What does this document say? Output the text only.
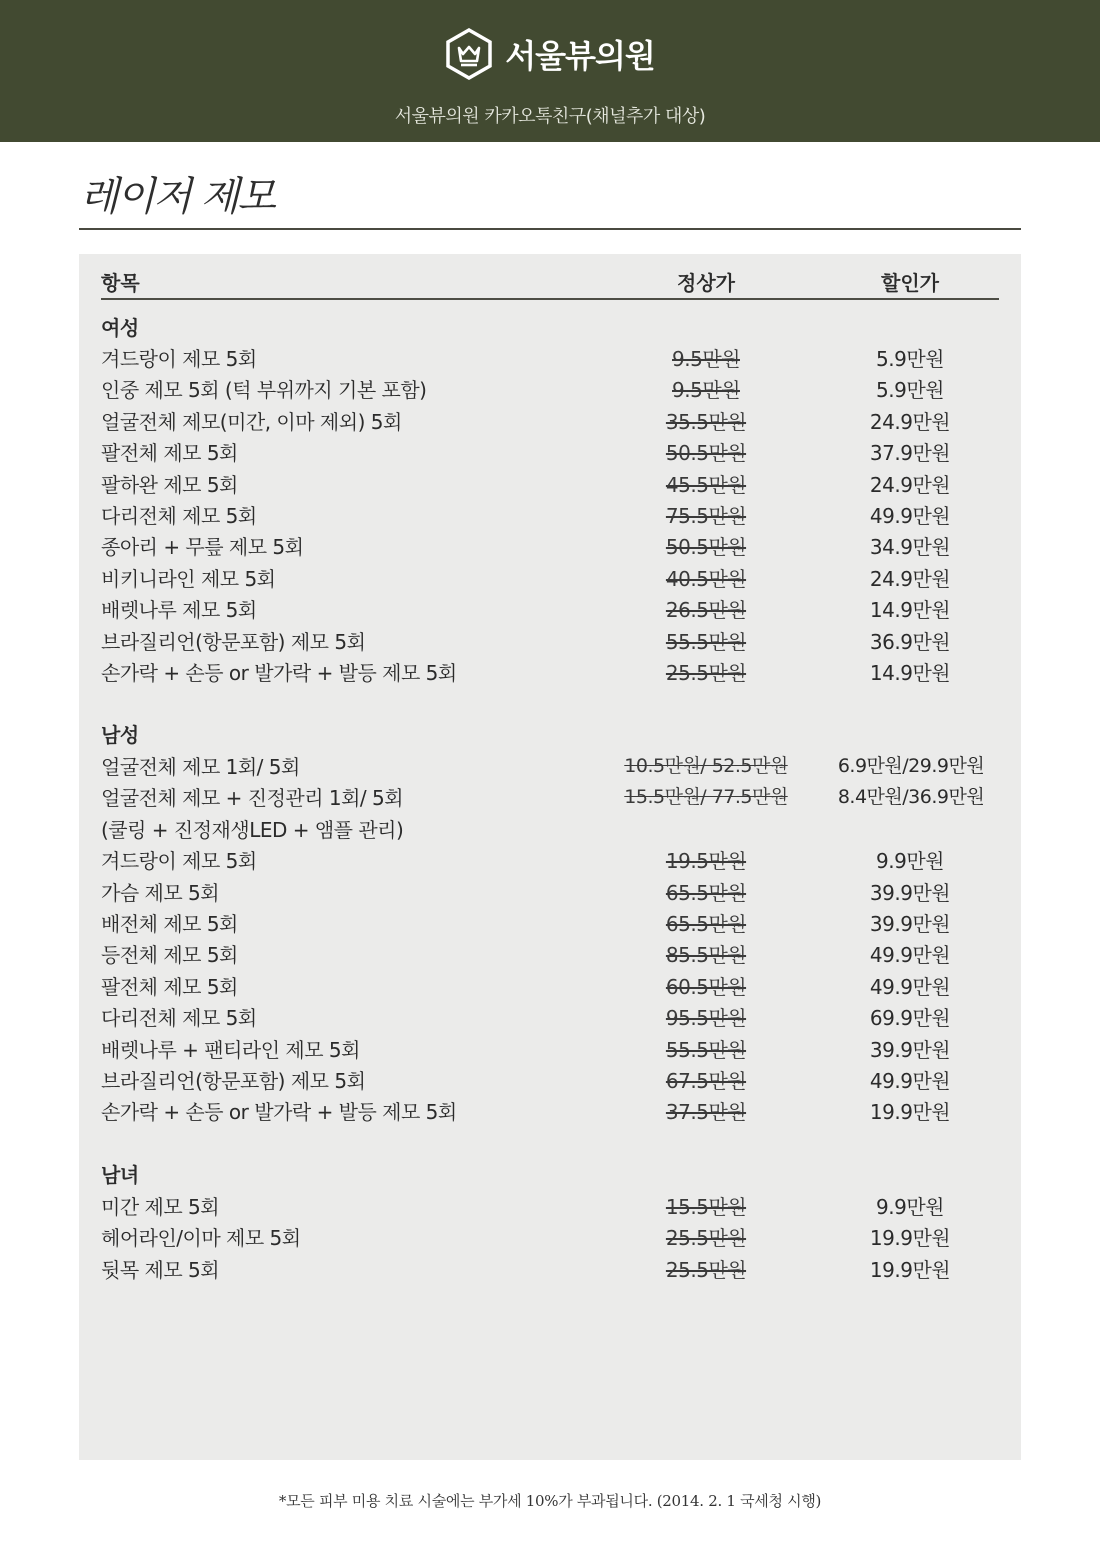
서울뷰의원
서울뷰의원 카카오톡친구(채널추가 대상)
레이저 제모
항목	정상가	할인가
여성
겨드랑이 제모 5회	9.5만원	5.9만원
인중 제모 5회 (턱 부위까지 기본 포함)	9.5만원	5.9만원
얼굴전체 제모(미간, 이마 제외) 5회	35.5만원	24.9만원
팔전체 제모 5회	50.5만원	37.9만원
팔하완 제모 5회	45.5만원	24.9만원
다리전체 제모 5회	75.5만원	49.9만원
종아리 + 무릎 제모 5회	50.5만원	34.9만원
비키니라인 제모 5회	40.5만원	24.9만원
배렛나루 제모 5회	26.5만원	14.9만원
브라질리언(항문포함) 제모 5회	55.5만원	36.9만원
손가락 + 손등 or 발가락 + 발등 제모 5회	25.5만원	14.9만원
남성
얼굴전체 제모 1회/ 5회	10.5만원/ 52.5만원	6.9만원/29.9만원
얼굴전체 제모 + 진정관리 1회/ 5회	15.5만원/ 77.5만원	8.4만원/36.9만원
(쿨링 + 진정재생LED + 앰플 관리)
겨드랑이 제모 5회	19.5만원	9.9만원
가슴 제모 5회	65.5만원	39.9만원
배전체 제모 5회	65.5만원	39.9만원
등전체 제모 5회	85.5만원	49.9만원
팔전체 제모 5회	60.5만원	49.9만원
다리전체 제모 5회	95.5만원	69.9만원
배렛나루 + 팬티라인 제모 5회	55.5만원	39.9만원
브라질리언(항문포함) 제모 5회	67.5만원	49.9만원
손가락 + 손등 or 발가락 + 발등 제모 5회	37.5만원	19.9만원
남녀
미간 제모 5회	15.5만원	9.9만원
헤어라인/이마 제모 5회	25.5만원	19.9만원
뒷목 제모 5회	25.5만원	19.9만원
*모든 피부 미용 치료 시술에는 부가세 10%가 부과됩니다. (2014. 2. 1 국세청 시행)
